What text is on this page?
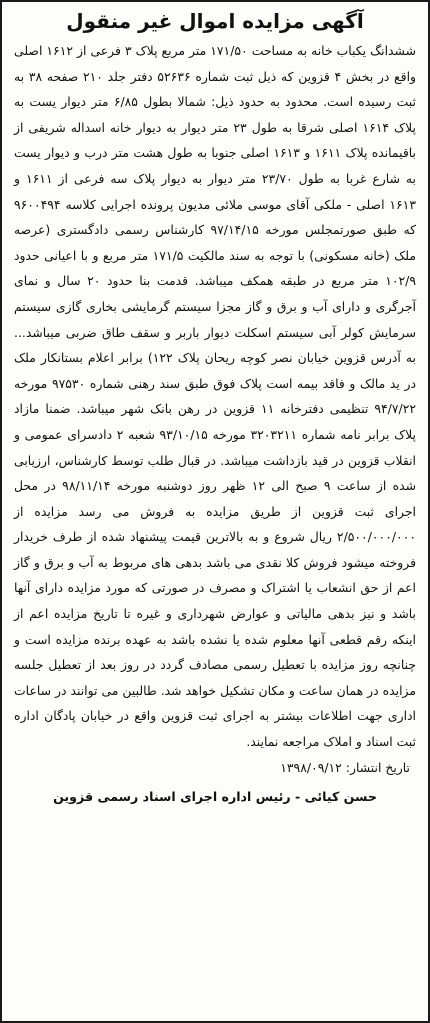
آگهی مزایده اموال غیر منقول

ششدانگ یکباب خانه به مساحت ۱۷۱/۵۰ متر مربع پلاک ۳ فرعی از ۱۶۱۲ اصلی واقع در بخش ۴ قزوین که ذیل ثبت شماره ۵۲۶۳۶ دفتر جلد ۲۱۰ صفحه ۳۸ به ثبت رسیده است. محدود به حدود ذیل: شمالا بطول ۶/۸۵ متر دیوار یست به پلاک ۱۶۱۴ اصلی شرقا به طول ۲۳ متر دیوار به دیوار خانه اسداله شریفی از باقیمانده پلاک ۱۶۱۱ و ۱۶۱۳ اصلی جنوبا به طول هشت متر درب و دیوار یست به شارع غربا به طول ۲۳/۷۰ متر دیوار به دیوار پلاک سه فرعی از ۱۶۱۱ و ۱۶۱۳ اصلی - ملکی آقای موسی ملائی مدیون پرونده اجرایی کلاسه ۹۶۰۰۴۹۴ که طبق صورتمجلس مورخه ۹۷/۱۴/۱۵ کارشناس رسمی دادگستری (عرصه ملک (خانه مسکونی) با توجه به سند مالکیت ۱۷۱/۵ متر مربع و با اعیانی حدود ۱۰۲/۹ متر مربع در طبقه همکف میباشد. قدمت بنا حدود ۲۰ سال و نمای آجرگری و دارای آب و برق و گاز مجزا سیستم گرمایشی بخاری گازی سیستم سرمایش کولر آبی سیستم اسکلت دیوار باربر و سقف طاق ضربی میباشد... به آدرس قزوین خیابان نصر کوچه ریحان پلاک ۱۲۲) برابر اعلام بستانکار ملک در ید مالک و فاقد بیمه است پلاک فوق طبق سند رهنی شماره ۹۷۵۳۰ مورخه ۹۴/۷/۲۲ تنظیمی دفترخانه ۱۱ قزوین در رهن بانک شهر میباشد. ضمنا مازاد پلاک برابر نامه شماره ۳۲۰۳۲۱۱ مورخه ۹۳/۱۰/۱۵ شعبه ۲ دادسرای عمومی و انقلاب قزوین در قید بازداشت میباشد. در قبال طلب توسط کارشناس، ارزیابی شده از ساعت ۹ صبح الی ۱۲ ظهر روز دوشنبه مورخه ۹۸/۱۱/۱۴ در محل اجرای ثبت قزوین از طریق مزایده به فروش می رسد مزایده از ۲/۵۰۰/۰۰۰/۰۰۰ ریال شروع و به بالاترین قیمت پیشنهاد شده از طرف خریدار فروخته میشود فروش کلا نقدی می باشد بدهی های مربوط به آب و برق و گاز اعم از حق انشعاب یا اشتراک و مصرف در صورتی که مورد مزایده دارای آنها باشد و نیز بدهی مالیاتی و عوارض شهرداری و غیره تا تاریخ مزایده اعم از اینکه رقم قطعی آنها معلوم شده یا نشده باشد به عهده برنده مزایده است و چنانچه روز مزایده با تعطیل رسمی مصادف گردد در روز بعد از تعطیل جلسه مزایده در همان ساعت و مکان تشکیل خواهد شد. طالبین می توانند در ساعات اداری جهت اطلاعات بیشتر به اجرای ثبت قزوین واقع در خیابان پادگان اداره ثبت اسناد و املاک مراجعه نمایند.

تاریخ انتشار: ۱۳۹۸/۰۹/۱۲

حسن کیائی - رئیس اداره اجرای اسناد رسمی قزوین
